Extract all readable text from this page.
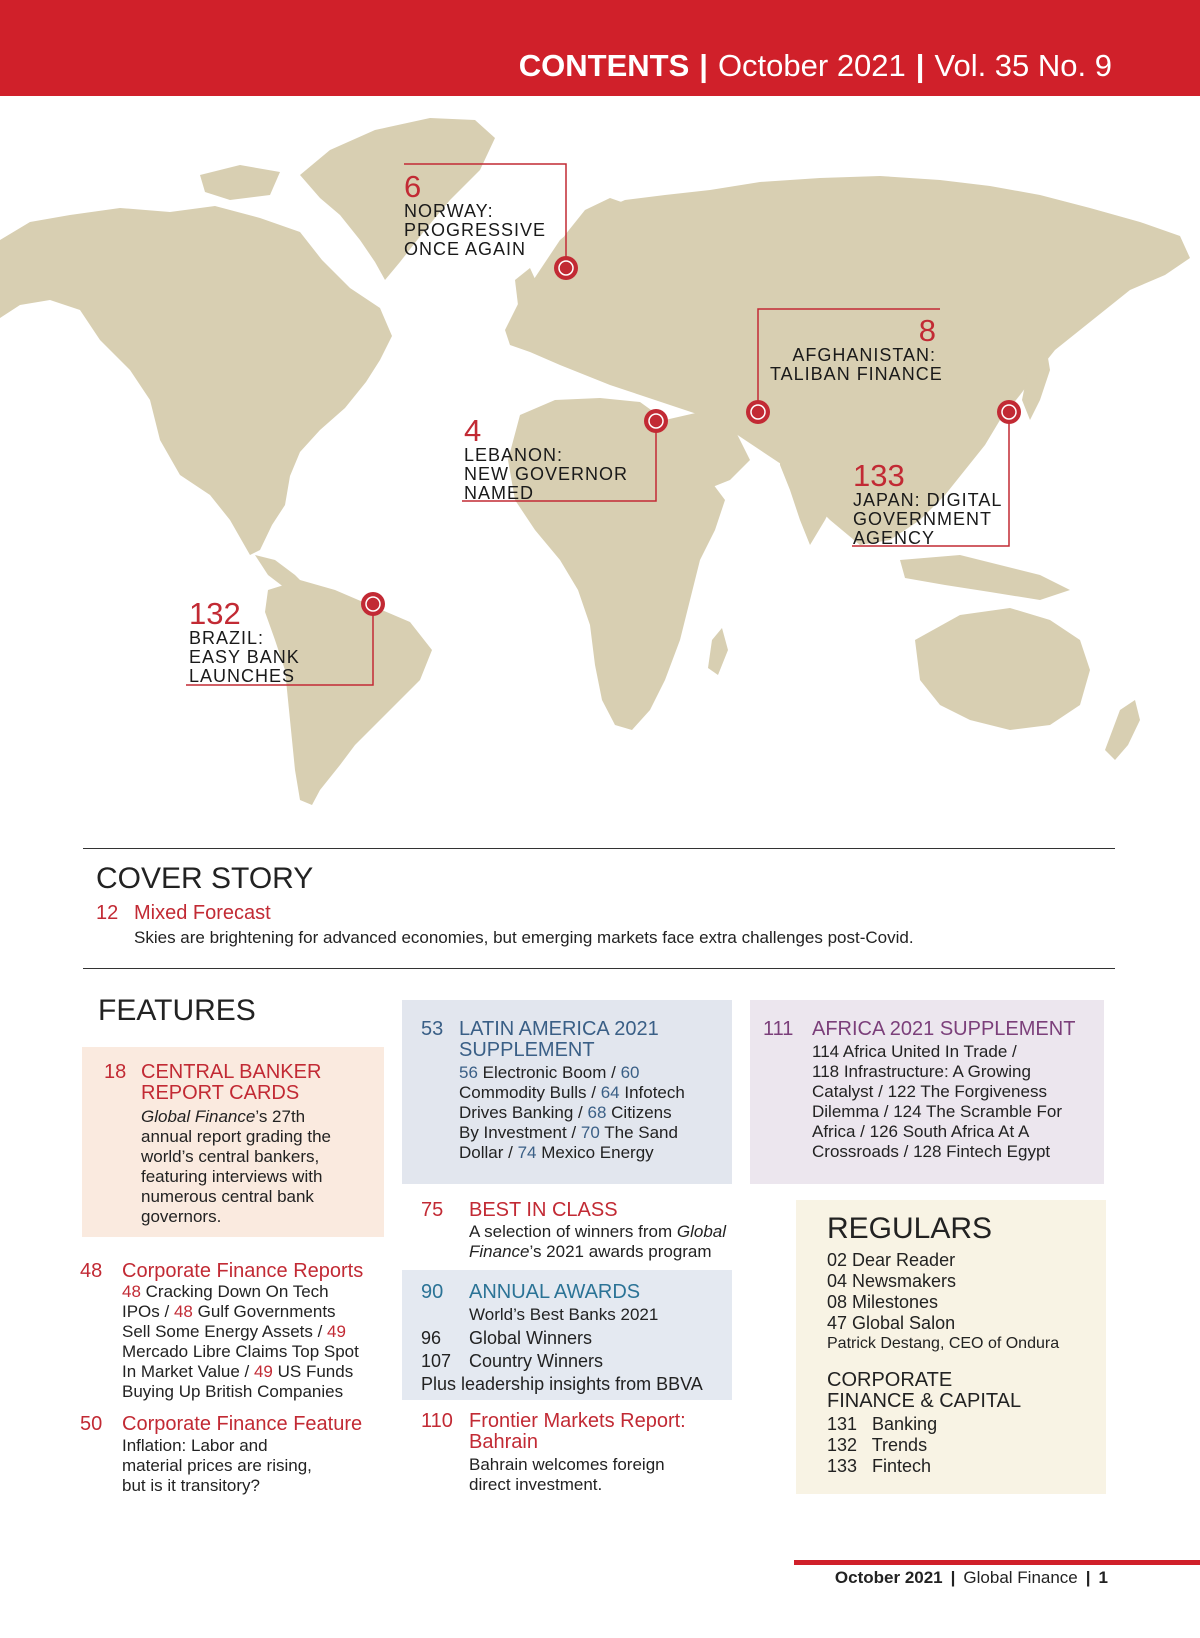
CONTENTS | October 2021 | Vol. 35 No. 9
6
NORWAY:
PROGRESSIVE
ONCE AGAIN
8
AFGHANISTAN:
TALIBAN FINANCE
4
LEBANON:
NEW GOVERNOR
NAMED	133
JAPAN: DIGITAL
GOVERNMENT
AGENCY
132
BRAZIL:
EASY BANK
LAUNCHES
COVER STORY
12 Mixed Forecast
Skies are brightening for advanced economies, but emerging markets face extra challenges post-Covid.
FEATURES
18 CENTRAL BANKER
REPORT CARDS
Global Finance’s 27th
annual report grading the
world’s central bankers,
featuring interviews with
numerous central bank
governors.
48 Corporate Finance Reports
48 Cracking Down On Tech
IPOs / 48 Gulf Governments
Sell Some Energy Assets / 49
Mercado Libre Claims Top Spot
In Market Value / 49 US Funds
Buying Up British Companies
50 Corporate Finance Feature
Inflation: Labor and
material prices are rising,
but is it transitory?
53 LATIN AMERICA 2021
SUPPLEMENT
56 Electronic Boom / 60
Commodity Bulls / 64 Infotech
Drives Banking / 68 Citizens
By Investment / 70 The Sand
Dollar / 74 Mexico Energy
75 BEST IN CLASS
A selection of winners from Global
Finance’s 2021 awards program
90 ANNUAL AWARDS
World’s Best Banks 2021
96 Global Winners
107 Country Winners
Plus leadership insights from BBVA
110 Frontier Markets Report:
Bahrain
Bahrain welcomes foreign
direct investment.
111 AFRICA 2021 SUPPLEMENT
114 Africa United In Trade /
118 Infrastructure: A Growing
Catalyst / 122 The Forgiveness
Dilemma / 124 The Scramble For
Africa / 126 South Africa At A
Crossroads / 128 Fintech Egypt
REGULARS
02 Dear Reader
04 Newsmakers
08 Milestones
47 Global Salon
Patrick Destang, CEO of Ondura
CORPORATE
FINANCE & CAPITAL
131   Banking
132   Trends
133   Fintech
October 2021 | Global Finance | 1
